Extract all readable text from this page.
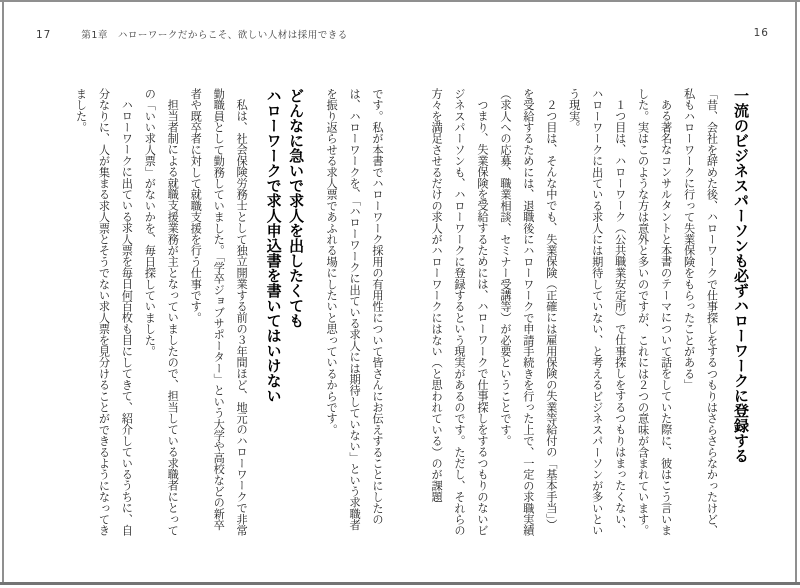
17	第1章　ハローワークだからこそ、欲しい人材は採用できる	16
一流のビジネスパーソンも必ずハローワークに登録する

「昔、会社を辞めた後、ハローワークで仕事探しをするつもりはさらさらなかったけど、私もハローワークに行って失業保険をもらったことがある」

ある著名なコンサルタントと本書のテーマについて話をしていた際に、彼はこう言いました。実はこのような方は意外と多いのですが、これには２つの意味が含まれています。

１つ目は、ハローワーク（公共職業安定所）で仕事探しをするつもりはまったくない、ハローワークに出ている求人には期待していない、と考えるビジネスパーソンが多いという現実。

２つ目は、そんな中でも、失業保険（正確には雇用保険の失業等給付の「基本手当」）を受給するためには、退職後にハローワークで申請手続きを行った上で、一定の求職実績（求人への応募、職業相談、セミナー受講等）が必要ということです。

つまり、失業保険を受給するためには、ハローワークで仕事探しをするつもりのないビジネスパーソンも、ハローワークに登録するという現実があるのです。ただし、それらの方々を満足させるだけの求人がハローワークにはない（と思われている）のが課題

です。私が本書でハローワーク採用の有用性について皆さんにお伝えすることにしたのは、ハローワークを、「ハローワークに出ている求人には期待していない」という求職者を振り返らせる求人票であふれる場にしたいと思っているからです。

どんなに急いで求人を出したくても
ハローワークで求人申込書を書いてはいけない

私は、社会保険労務士として独立開業する前の３年間ほど、地元のハローワークで非常勤職員として勤務していました。「学卒ジョブサポーター」という大学や高校などの新卒者や既卒者に対して就職支援を行う仕事です。

担当者制による就職支援業務が主となっていましたので、担当している求職者にとっての「いい求人票」がないかを、毎日探していました。

ハローワークに出ている求人票を毎日何百枚も目にしてきて、紹介しているうちに、自分なりに、人が集まる求人票とそうでない求人票を見分けることができるようになってきました。
